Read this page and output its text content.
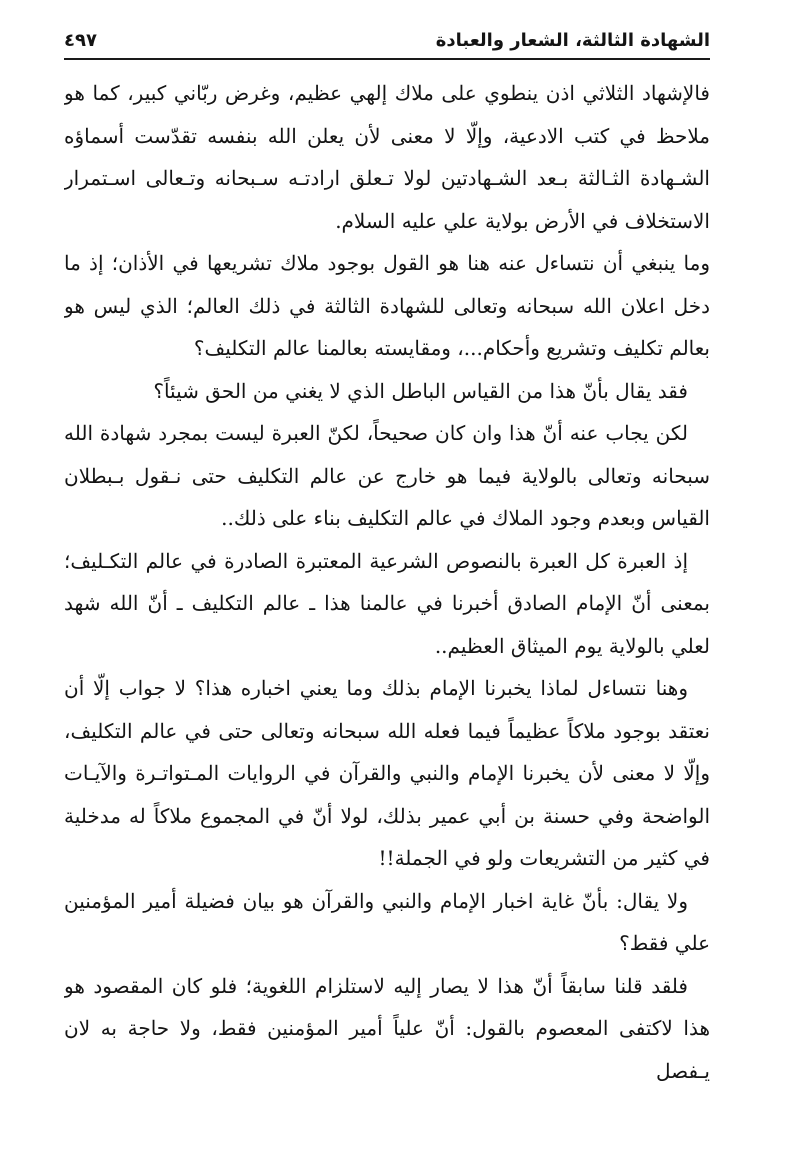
الشهادة الثالثة، الشعار والعبادة
٤٩٧

فالإشهاد الثلاثي اذن ينطوي على ملاك إلهي عظيم، وغرض ربّاني كبير، كما هو ملاحظ في كتب الادعية، وإلّا لا معنى لأن يعلن الله بنفسه تقدّست أسماؤه الشـهادة الثـالثة بـعد الشـهادتين لولا تـعلق ارادتـه سـبحانه وتـعالى اسـتمرار الاستخلاف في الأرض بولاية علي عليه السلام.

وما ينبغي أن نتساءل عنه هنا هو القول بوجود ملاك تشريعها في الأذان؛ إذ ما دخل اعلان الله سبحانه وتعالى للشهادة الثالثة في ذلك العالم؛ الذي ليس هو بعالم تكليف وتشريع وأحكام...، ومقايسته بعالمنا عالم التكليف؟

فقد يقال بأنّ هذا من القياس الباطل الذي لا يغني من الحق شيئاً؟

لكن يجاب عنه أنّ هذا وان كان صحيحاً، لكنّ العبرة ليست بمجرد شهادة الله سبحانه وتعالى بالولاية فيما هو خارج عن عالم التكليف حتى نـقول بـبطلان القياس وبعدم وجود الملاك في عالم التكليف بناء على ذلك..

إذ العبرة كل العبرة بالنصوص الشرعية المعتبرة الصادرة في عالم التكـليف؛ بمعنى أنّ الإمام الصادق أخبرنا في عالمنا هذا ـ عالم التكليف ـ أنّ الله شهد لعلي بالولاية يوم الميثاق العظيم..

وهنا نتساءل لماذا يخبرنا الإمام بذلك وما يعني اخباره هذا؟ لا جواب إلّا أن نعتقد بوجود ملاكاً عظيماً فيما فعله الله سبحانه وتعالى حتى في عالم التكليف، وإلّا لا معنى لأن يخبرنا الإمام والنبي والقرآن في الروايات المـتواتـرة والآيـات الواضحة وفي حسنة بن أبي عمير بذلك، لولا أنّ في المجموع ملاكاً له مدخلية في كثير من التشريعات ولو في الجملة!!

ولا يقال: بأنّ غاية اخبار الإمام والنبي والقرآن هو بيان فضيلة أمير المؤمنين علي فقط؟

فلقد قلنا سابقاً أنّ هذا لا يصار إليه لاستلزام اللغوية؛ فلو كان المقصود هو هذا لاكتفى المعصوم بالقول: أنّ علياً أمير المؤمنين فقط، ولا حاجة به لان يـفصل
